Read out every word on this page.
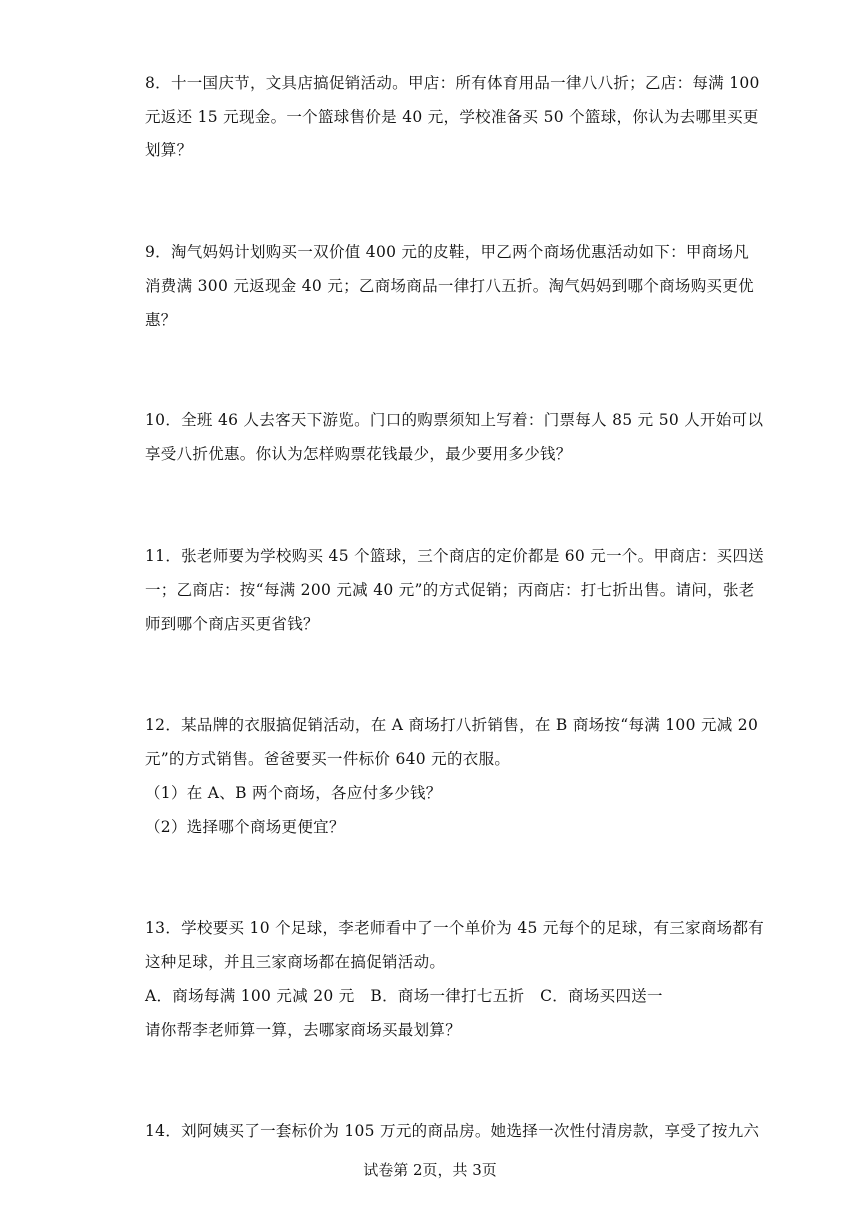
8．十一国庆节，文具店搞促销活动。甲店：所有体育用品一律八八折；乙店：每满 100
元返还 15 元现金。一个篮球售价是 40 元，学校准备买 50 个篮球，你认为去哪里买更
划算？
9．淘气妈妈计划购买一双价值 400 元的皮鞋，甲乙两个商场优惠活动如下：甲商场凡
消费满 300 元返现金 40 元；乙商场商品一律打八五折。淘气妈妈到哪个商场购买更优
惠？
10．全班 46 人去客天下游览。门口的购票须知上写着：门票每人 85 元 50 人开始可以
享受八折优惠。你认为怎样购票花钱最少，最少要用多少钱？
11．张老师要为学校购买 45 个篮球，三个商店的定价都是 60 元一个。甲商店：买四送
一；乙商店：按“每满 200 元减 40 元”的方式促销；丙商店：打七折出售。请问，张老
师到哪个商店买更省钱？
12．某品牌的衣服搞促销活动，在 A 商场打八折销售，在 B 商场按“每满 100 元减 20
元”的方式销售。爸爸要买一件标价 640 元的衣服。
（1）在 A、B 两个商场，各应付多少钱？
（2）选择哪个商场更便宜？
13．学校要买 10 个足球，李老师看中了一个单价为 45 元每个的足球，有三家商场都有
这种足球，并且三家商场都在搞促销活动。
A．商场每满 100 元减 20 元　B．商场一律打七五折　C．商场买四送一
请你帮李老师算一算，去哪家商场买最划算？
14．刘阿姨买了一套标价为 105 万元的商品房。她选择一次性付清房款，享受了按九六
试卷第 2页，共 3页
